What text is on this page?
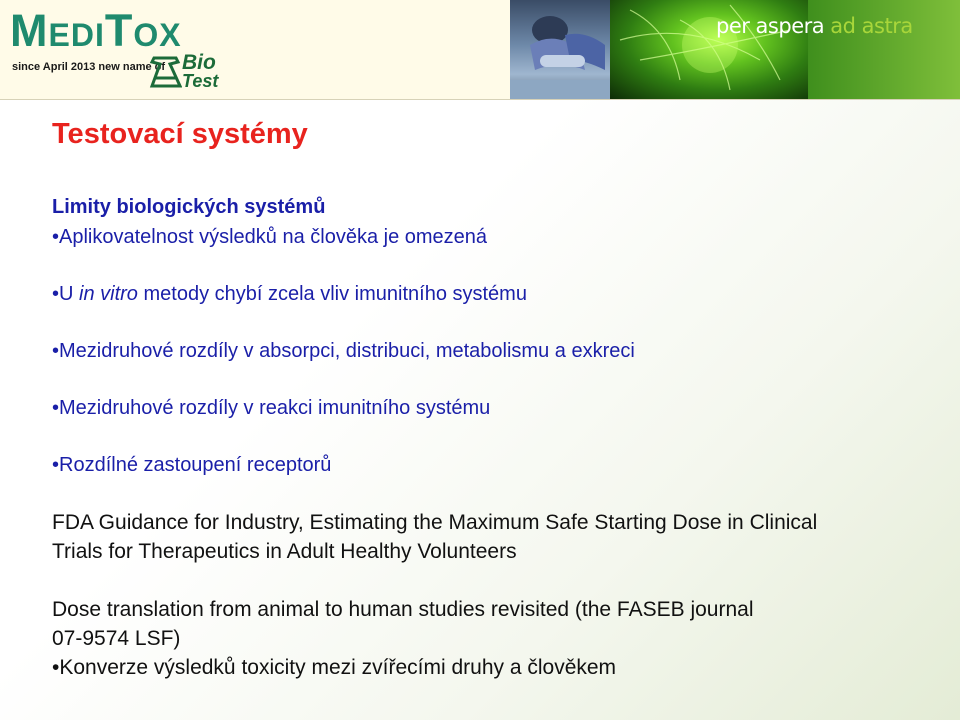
MediTox
since April 2013 new name of Bio
Test
per aspera ad astra
Testovací systémy
Limity biologických systémů
•Aplikovatelnost výsledků na člověka je omezená
•U in vitro metody chybí zcela vliv imunitního systému
•Mezidruhové rozdíly v absorpci, distribuci, metabolismu a exkreci
•Mezidruhové rozdíly v reakci imunitního systému
•Rozdílné zastoupení receptorů
FDA Guidance for Industry, Estimating the Maximum Safe Starting Dose in Clinical
Trials for Therapeutics in Adult Healthy Volunteers
Dose translation from animal to human studies revisited (the FASEB journal
07-9574 LSF)
•Konverze výsledků toxicity mezi zvířecími druhy a člověkem
